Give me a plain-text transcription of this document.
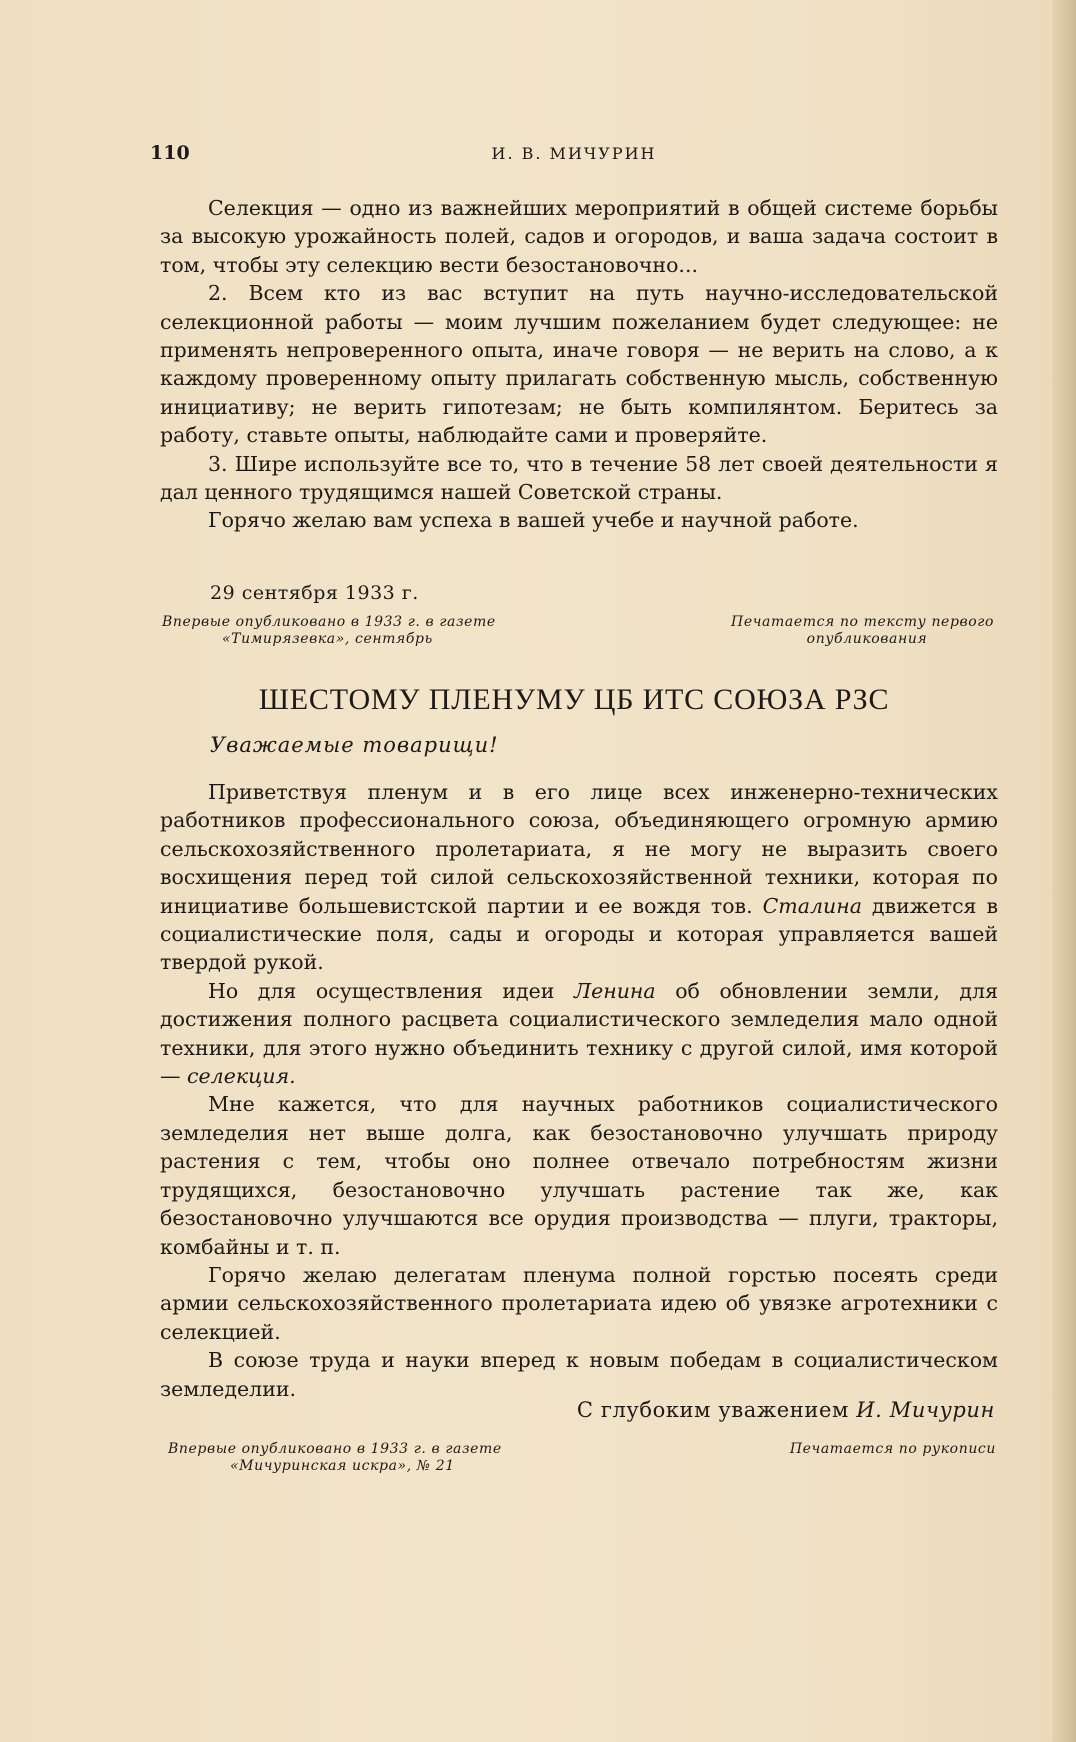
110	И. В. МИЧУРИН

Селекция — одно из важнейших мероприятий в общей системе борьбы за высокую урожайность полей, садов и огородов, и ваша задача состоит в том, чтобы эту селекцию вести безостановочно...

2. Всем кто из вас вступит на путь научно-исследовательской селекционной работы — моим лучшим пожеланием будет следующее: не применять непроверенного опыта, иначе говоря — не верить на слово, а к каждому проверенному опыту прилагать собственную мысль, собственную инициативу; не верить гипотезам; не быть компилянтом. Беритесь за работу, ставьте опыты, наблюдайте сами и проверяйте.

3. Шире используйте все то, что в течение 58 лет своей деятельности я дал ценного трудящимся нашей Советской страны.

Горячо желаю вам успеха в вашей учебе и научной работе.

29 сентября 1933 г.
Впервые опубликовано в 1933 г. в газете
«Тимирязевка», сентябрь
Печатается по тексту первого
опубликования
ШЕСТОМУ ПЛЕНУМУ ЦБ ИТС СОЮЗА РЗС
Уважаемые товарищи!

Приветствуя пленум и в его лице всех инженерно-технических работников профессионального союза, объединяющего огромную армию сельскохозяйственного пролетариата, я не могу не выразить своего восхищения перед той силой сельскохозяйственной техники, которая по инициативе большевистской партии и ее вождя тов. Сталина движется в социалистические поля, сады и огороды и которая управляется вашей твердой рукой.

Но для осуществления идеи Ленина об обновлении земли, для достижения полного расцвета социалистического земледелия мало одной техники, для этого нужно объединить технику с другой силой, имя которой — селекция.

Мне кажется, что для научных работников социалистического земледелия нет выше долга, как безостановочно улучшать природу растения с тем, чтобы оно полнее отвечало потребностям жизни трудящихся, безостановочно улучшать растение так же, как безостановочно улучшаются все орудия производства — плуги, тракторы, комбайны и т. п.

Горячо желаю делегатам пленума полной горстью посеять среди армии сельскохозяйственного пролетариата идею об увязке агротехники с селекцией.

В союзе труда и науки вперед к новым победам в социалистическом земледелии.

С глубоким уважением И. Мичурин
Впервые опубликовано в 1933 г. в газете
«Мичуринская искра», № 21
Печатается по рукописи
